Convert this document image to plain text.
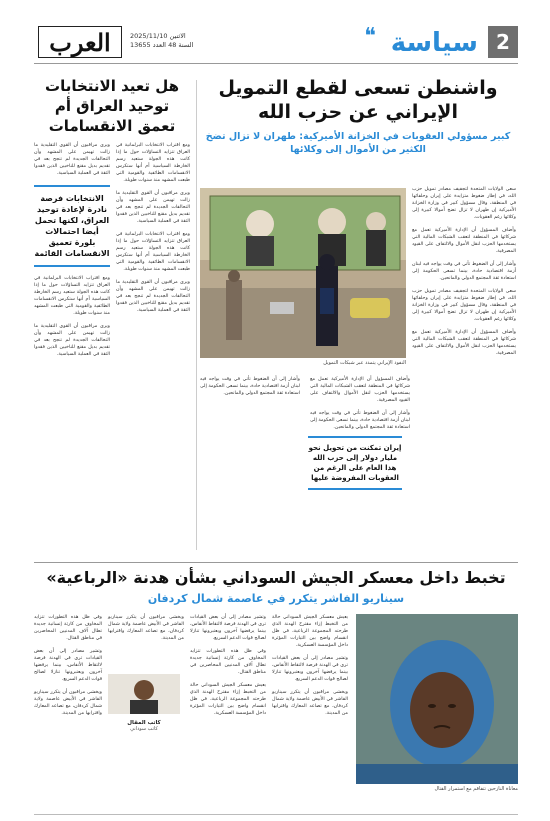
2
سياسة
❝
الاثنين 2025/11/10
السنة 48 العدد 13655
العرب
هل تعيد الانتخابات توحيد العراق أم تعمق الانقسامات

ومع اقتراب الانتخابات البرلمانية في العراق تتزايد التساؤلات حول ما إذا كانت هذه الجولة ستعيد رسم الخارطة السياسية أم أنها ستكرس الانقسامات الطائفية والقومية التي طبعت المشهد منذ سنوات طويلة.

ويرى مراقبون أن القوى التقليدية ما زالت تهيمن على المشهد وأن التحالفات الجديدة لم تنجح بعد في تقديم بديل مقنع للناخبين الذين فقدوا الثقة في العملية السياسية.

ومع اقتراب الانتخابات البرلمانية في العراق تتزايد التساؤلات حول ما إذا كانت هذه الجولة ستعيد رسم الخارطة السياسية أم أنها ستكرس الانقسامات الطائفية والقومية التي طبعت المشهد منذ سنوات طويلة.

ويرى مراقبون أن القوى التقليدية ما زالت تهيمن على المشهد وأن التحالفات الجديدة لم تنجح بعد في تقديم بديل مقنع للناخبين الذين فقدوا الثقة في العملية السياسية.

ويرى مراقبون أن القوى التقليدية ما زالت تهيمن على المشهد وأن التحالفات الجديدة لم تنجح بعد في تقديم بديل مقنع للناخبين الذين فقدوا الثقة في العملية السياسية.

الانتخابات فرصة نادرة لإعادة توحيد العراق، لكنها تحمل أيضا احتمالات بلورة تعميق الانقسامات القائمة

ومع اقتراب الانتخابات البرلمانية في العراق تتزايد التساؤلات حول ما إذا كانت هذه الجولة ستعيد رسم الخارطة السياسية أم أنها ستكرس الانقسامات الطائفية والقومية التي طبعت المشهد منذ سنوات طويلة.

ويرى مراقبون أن القوى التقليدية ما زالت تهيمن على المشهد وأن التحالفات الجديدة لم تنجح بعد في تقديم بديل مقنع للناخبين الذين فقدوا الثقة في العملية السياسية.

واشنطن تسعى لقطع التمويل الإيراني عن حزب الله
كبير مسؤولي العقوبات في الخزانة الأميركية: طهران لا تزال تضخ الكثير من الأموال إلى وكلائها
النفوذ الإيراني يتمدد عبر شبكات التمويل

سعى الولايات المتحدة لتجفيف مصادر تمويل حزب الله، في إطار ضغوط متزايدة على إيران وحلفائها في المنطقة، وقال مسؤول كبير في وزارة الخزانة الأميركية إن طهران لا تزال تضخ أموالا كبيرة إلى وكلائها رغم العقوبات.

وأضاف المسؤول أن الإدارة الأميركية تعمل مع شركائها في المنطقة لتعقب الشبكات المالية التي يستخدمها الحزب لنقل الأموال والالتفاف على القيود المصرفية.

وأشار إلى أن الضغوط تأتي في وقت يواجه فيه لبنان أزمة اقتصادية حادة، بينما تسعى الحكومة إلى استعادة ثقة المجتمع الدولي والمانحين.

سعى الولايات المتحدة لتجفيف مصادر تمويل حزب الله، في إطار ضغوط متزايدة على إيران وحلفائها في المنطقة، وقال مسؤول كبير في وزارة الخزانة الأميركية إن طهران لا تزال تضخ أموالا كبيرة إلى وكلائها رغم العقوبات.

وأضاف المسؤول أن الإدارة الأميركية تعمل مع شركائها في المنطقة لتعقب الشبكات المالية التي يستخدمها الحزب لنقل الأموال والالتفاف على القيود المصرفية.

وأضاف المسؤول أن الإدارة الأميركية تعمل مع شركائها في المنطقة لتعقب الشبكات المالية التي يستخدمها الحزب لنقل الأموال والالتفاف على القيود المصرفية.

وأشار إلى أن الضغوط تأتي في وقت يواجه فيه لبنان أزمة اقتصادية حادة، بينما تسعى الحكومة إلى استعادة ثقة المجتمع الدولي والمانحين.

وأشار إلى أن الضغوط تأتي في وقت يواجه فيه لبنان أزمة اقتصادية حادة، بينما تسعى الحكومة إلى استعادة ثقة المجتمع الدولي والمانحين.

إيران تمكنت من تحويل نحو مليار دولار إلى حزب الله هذا العام على الرغم من العقوبات المفروضة عليها
تخبط داخل معسكر الجيش السوداني بشأن هدنة «الرباعية»
سيناريو الفاشر يتكرر في عاصمة شمال كردفان
معاناة النازحين تتفاقم مع استمرار القتال

يعيش معسكر الجيش السوداني حالة من التخبط إزاء مقترح الهدنة الذي طرحته المجموعة الرباعية، في ظل انقسام واضح بين التيارات المؤثرة داخل المؤسسة العسكرية.

وتشير مصادر إلى أن بعض القيادات ترى في الهدنة فرصة لالتقاط الأنفاس، بينما يرفضها آخرون ويعتبرونها تنازلا لصالح قوات الدعم السريع.

ويخشى مراقبون أن يتكرر سيناريو الفاشر في الأبيض عاصمة ولاية شمال كردفان، مع تصاعد المعارك واقترابها من المدينة.

وتشير مصادر إلى أن بعض القيادات ترى في الهدنة فرصة لالتقاط الأنفاس، بينما يرفضها آخرون ويعتبرونها تنازلا لصالح قوات الدعم السريع.

وفي ظل هذه التطورات تتزايد المخاوف من كارثة إنسانية جديدة تطال آلاف المدنيين المحاصرين في مناطق القتال.

يعيش معسكر الجيش السوداني حالة من التخبط إزاء مقترح الهدنة الذي طرحته المجموعة الرباعية، في ظل انقسام واضح بين التيارات المؤثرة داخل المؤسسة العسكرية.

ويخشى مراقبون أن يتكرر سيناريو الفاشر في الأبيض عاصمة ولاية شمال كردفان، مع تصاعد المعارك واقترابها من المدينة.

كاتب المقال
كاتب سوداني

وفي ظل هذه التطورات تتزايد المخاوف من كارثة إنسانية جديدة تطال آلاف المدنيين المحاصرين في مناطق القتال.

وتشير مصادر إلى أن بعض القيادات ترى في الهدنة فرصة لالتقاط الأنفاس، بينما يرفضها آخرون ويعتبرونها تنازلا لصالح قوات الدعم السريع.

ويخشى مراقبون أن يتكرر سيناريو الفاشر في الأبيض عاصمة ولاية شمال كردفان، مع تصاعد المعارك واقترابها من المدينة.
